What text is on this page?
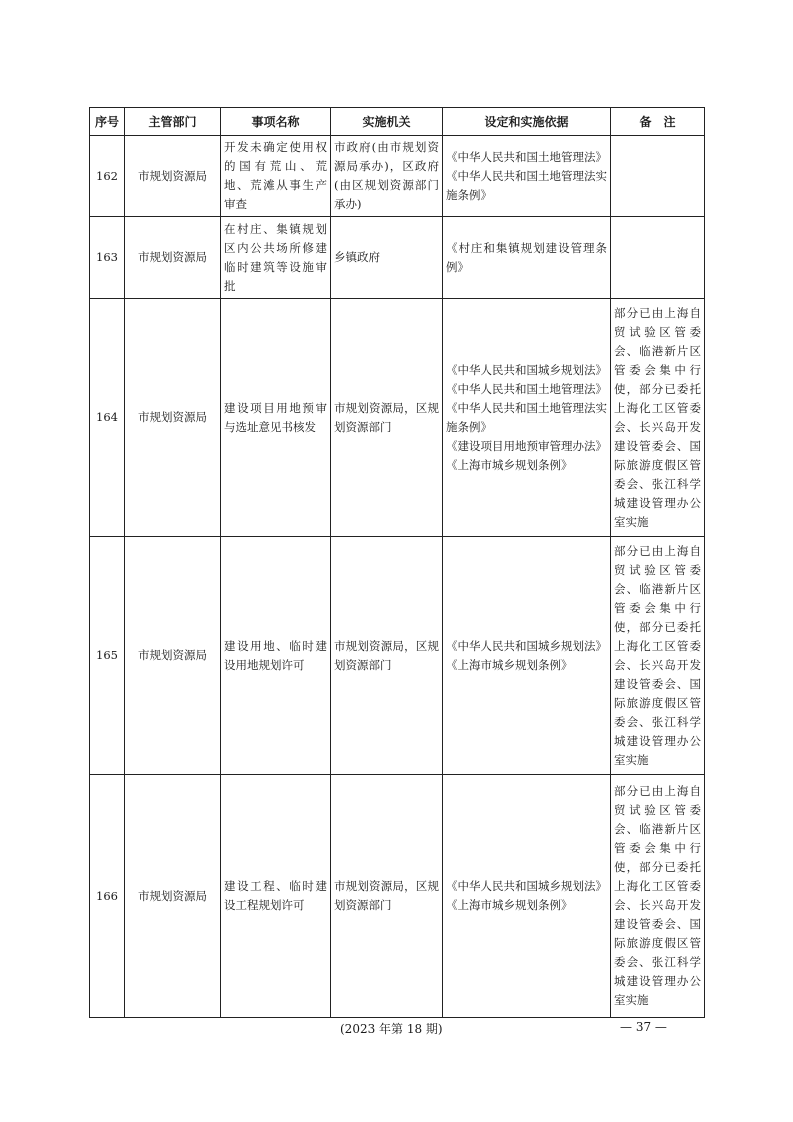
序号	主管部门	事项名称	实施机关	设定和实施依据	备　注
162	市规划资源局	开发未确定使用权的国有荒山、荒地、荒滩从事生产审查	市政府(由市规划资源局承办)，区政府(由区规划资源部门承办)	《中华人民共和国土地管理法》
《中华人民共和国土地管理法实施条例》	

163	市规划资源局	在村庄、集镇规划区内公共场所修建临时建筑等设施审批	乡镇政府	《村庄和集镇规划建设管理条例》	

164	市规划资源局	建设项目用地预审与选址意见书核发	市规划资源局，区规划资源部门	《中华人民共和国城乡规划法》
《中华人民共和国土地管理法》
《中华人民共和国土地管理法实施条例》
《建设项目用地预审管理办法》
《上海市城乡规划条例》	部分已由上海自贸试验区管委会、临港新片区管委会集中行使，部分已委托上海化工区管委会、长兴岛开发建设管委会、国际旅游度假区管委会、张江科学城建设管理办公室实施
165	市规划资源局	建设用地、临时建设用地规划许可	市规划资源局，区规划资源部门	《中华人民共和国城乡规划法》
《上海市城乡规划条例》	部分已由上海自贸试验区管委会、临港新片区管委会集中行使，部分已委托上海化工区管委会、长兴岛开发建设管委会、国际旅游度假区管委会、张江科学城建设管理办公室实施
166	市规划资源局	建设工程、临时建设工程规划许可	市规划资源局，区规划资源部门	《中华人民共和国城乡规划法》
《上海市城乡规划条例》	部分已由上海自贸试验区管委会、临港新片区管委会集中行使，部分已委托上海化工区管委会、长兴岛开发建设管委会、国际旅游度假区管委会、张江科学城建设管理办公室实施
(2023 年第 18 期)	— 37 —
